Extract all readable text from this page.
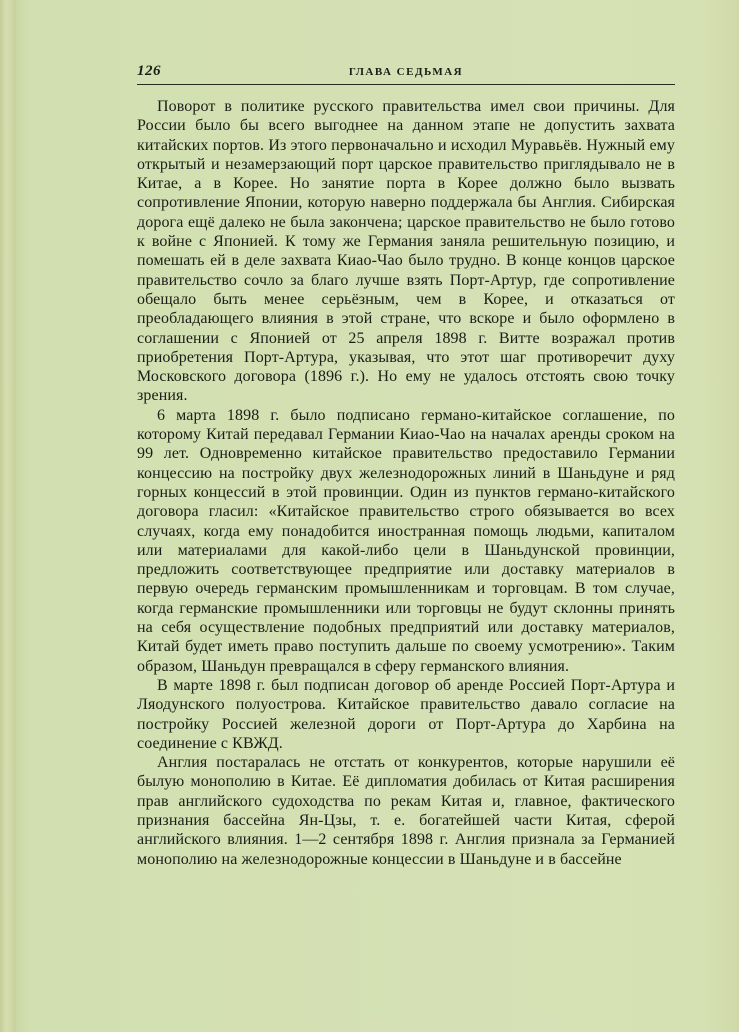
126	ГЛАВА СЕДЬМАЯ

Поворот в политике русского правительства имел свои причины. Для России было бы всего выгоднее на данном этапе не допустить захвата китайских портов. Из этого первоначально и исходил Муравьёв. Нужный ему открытый и незамерзающий порт царское правительство приглядывало не в Китае, а в Корее. Но занятие порта в Корее должно было вызвать сопротивление Японии, которую наверно поддержала бы Англия. Сибирская дорога ещё далеко не была закончена; царское правительство не было готово к войне с Японией. К тому же Германия заняла решительную позицию, и помешать ей в деле захвата Киао-Чао было трудно. В конце концов царское правительство сочло за благо лучше взять Порт-Артур, где сопротивление обещало быть менее серьёзным, чем в Корее, и отказаться от преобладающего влияния в этой стране, что вскоре и было оформлено в соглашении с Японией от 25 апреля 1898 г. Витте возражал против приобретения Порт-Артура, указывая, что этот шаг противоречит духу Московского договора (1896 г.). Но ему не удалось отстоять свою точку зрения.

6 марта 1898 г. было подписано германо-китайское соглашение, по которому Китай передавал Германии Киао-Чао на началах аренды сроком на 99 лет. Одновременно китайское правительство предоставило Германии концессию на постройку двух железнодорожных линий в Шаньдуне и ряд горных концессий в этой провинции. Один из пунктов германо-китайского договора гласил: «Китайское правительство строго обязывается во всех случаях, когда ему понадобится иностранная помощь людьми, капиталом или материалами для какой-либо цели в Шаньдунской провинции, предложить соответствующее предприятие или доставку материалов в первую очередь германским промышленникам и торговцам. В том случае, когда германские промышленники или торговцы не будут склонны принять на себя осуществление подобных предприятий или доставку материалов, Китай будет иметь право поступить дальше по своему усмотрению». Таким образом, Шаньдун превращался в сферу германского влияния.

В марте 1898 г. был подписан договор об аренде Россией Порт-Артура и Ляодунского полуострова. Китайское правительство давало согласие на постройку Россией железной дороги от Порт-Артура до Харбина на соединение с КВЖД.

Англия постаралась не отстать от конкурентов, которые нарушили её былую монополию в Китае. Её дипломатия добилась от Китая расширения прав английского судоходства по рекам Китая и, главное, фактического признания бассейна Ян-Цзы, т. е. богатейшей части Китая, сферой английского влияния. 1—2 сентября 1898 г. Англия признала за Германией монополию на железнодорожные концессии в Шаньдуне и в бассейне
